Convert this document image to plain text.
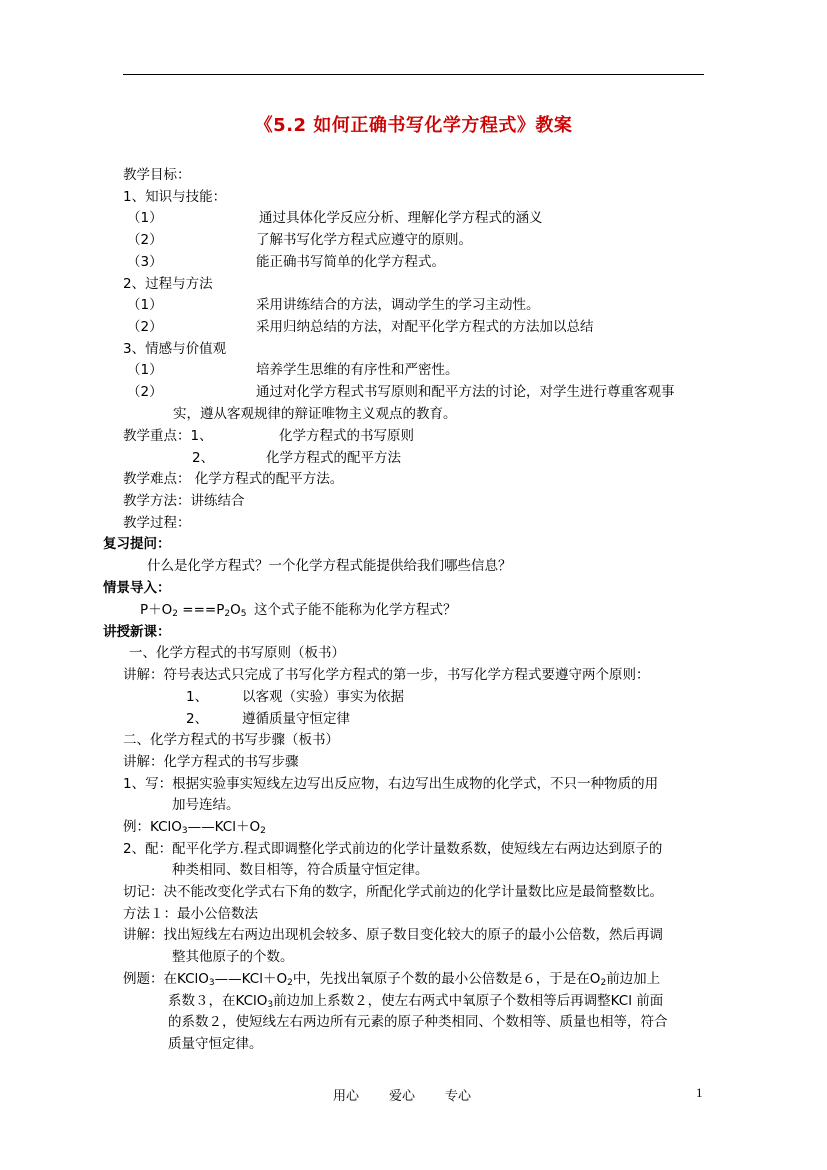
《5.2 如何正确书写化学方程式》教案
教学目标：
1、知识与技能：
（1）	通过具体化学反应分析、理解化学方程式的涵义
（2）	了解书写化学方程式应遵守的原则。
（3）	能正确书写简单的化学方程式。
2、过程与方法
（1）	采用讲练结合的方法，调动学生的学习主动性。
（2）	采用归纳总结的方法，对配平化学方程式的方法加以总结
3、情感与价值观
（1）	培养学生思维的有序性和严密性。
（2）	通过对化学方程式书写原则和配平方法的讨论，对学生进行尊重客观事
实，遵从客观规律的辩证唯物主义观点的教育。
教学重点：1、	化学方程式的书写原则
2、	化学方程式的配平方法
教学难点： 化学方程式的配平方法。
教学方法：讲练结合
教学过程：
复习提问：
什么是化学方程式？一个化学方程式能提供给我们哪些信息？
情景导入：
$P+O_2 ===P_2O_5$ 这个式子能不能称为化学方程式？
讲授新课：
一、化学方程式的书写原则（板书）
讲解：符号表达式只完成了书写化学方程式的第一步，书写化学方程式要遵守两个原则：
1、	以客观（实验）事实为依据
2、	遵循质量守恒定律
二、化学方程式的书写步骤（板书）
讲解：化学方程式的书写步骤
1、写：根据实验事实短线左边写出反应物，右边写出生成物的化学式，不只一种物质的用
加号连结。
例：$KClO_3——KCl+O_2$
2、配：配平化学方.程式即调整化学式前边的化学计量数系数，使短线左右两边达到原子的
种类相同、数目相等，符合质量守恒定律。
切记：决不能改变化学式右下角的数字，所配化学式前边的化学计量数比应是最简整数比。
方法１：最小公倍数法
讲解：找出短线左右两边出现机会较多、原子数目变化较大的原子的最小公倍数，然后再调
整其他原子的个数。
例题：在$KClO_3——KCl+O_2$中，先找出氧原子个数的最小公倍数是６，于是在$O_2$前边加上
系数３，在KClO$_3$前边加上系数２，使左右两式中氧原子个数相等后再调整KCl 前面
的系数２，使短线左右两边所有元素的原子种类相同、个数相等、质量也相等，符合
质量守恒定律。
用心 爱心 专心	1
